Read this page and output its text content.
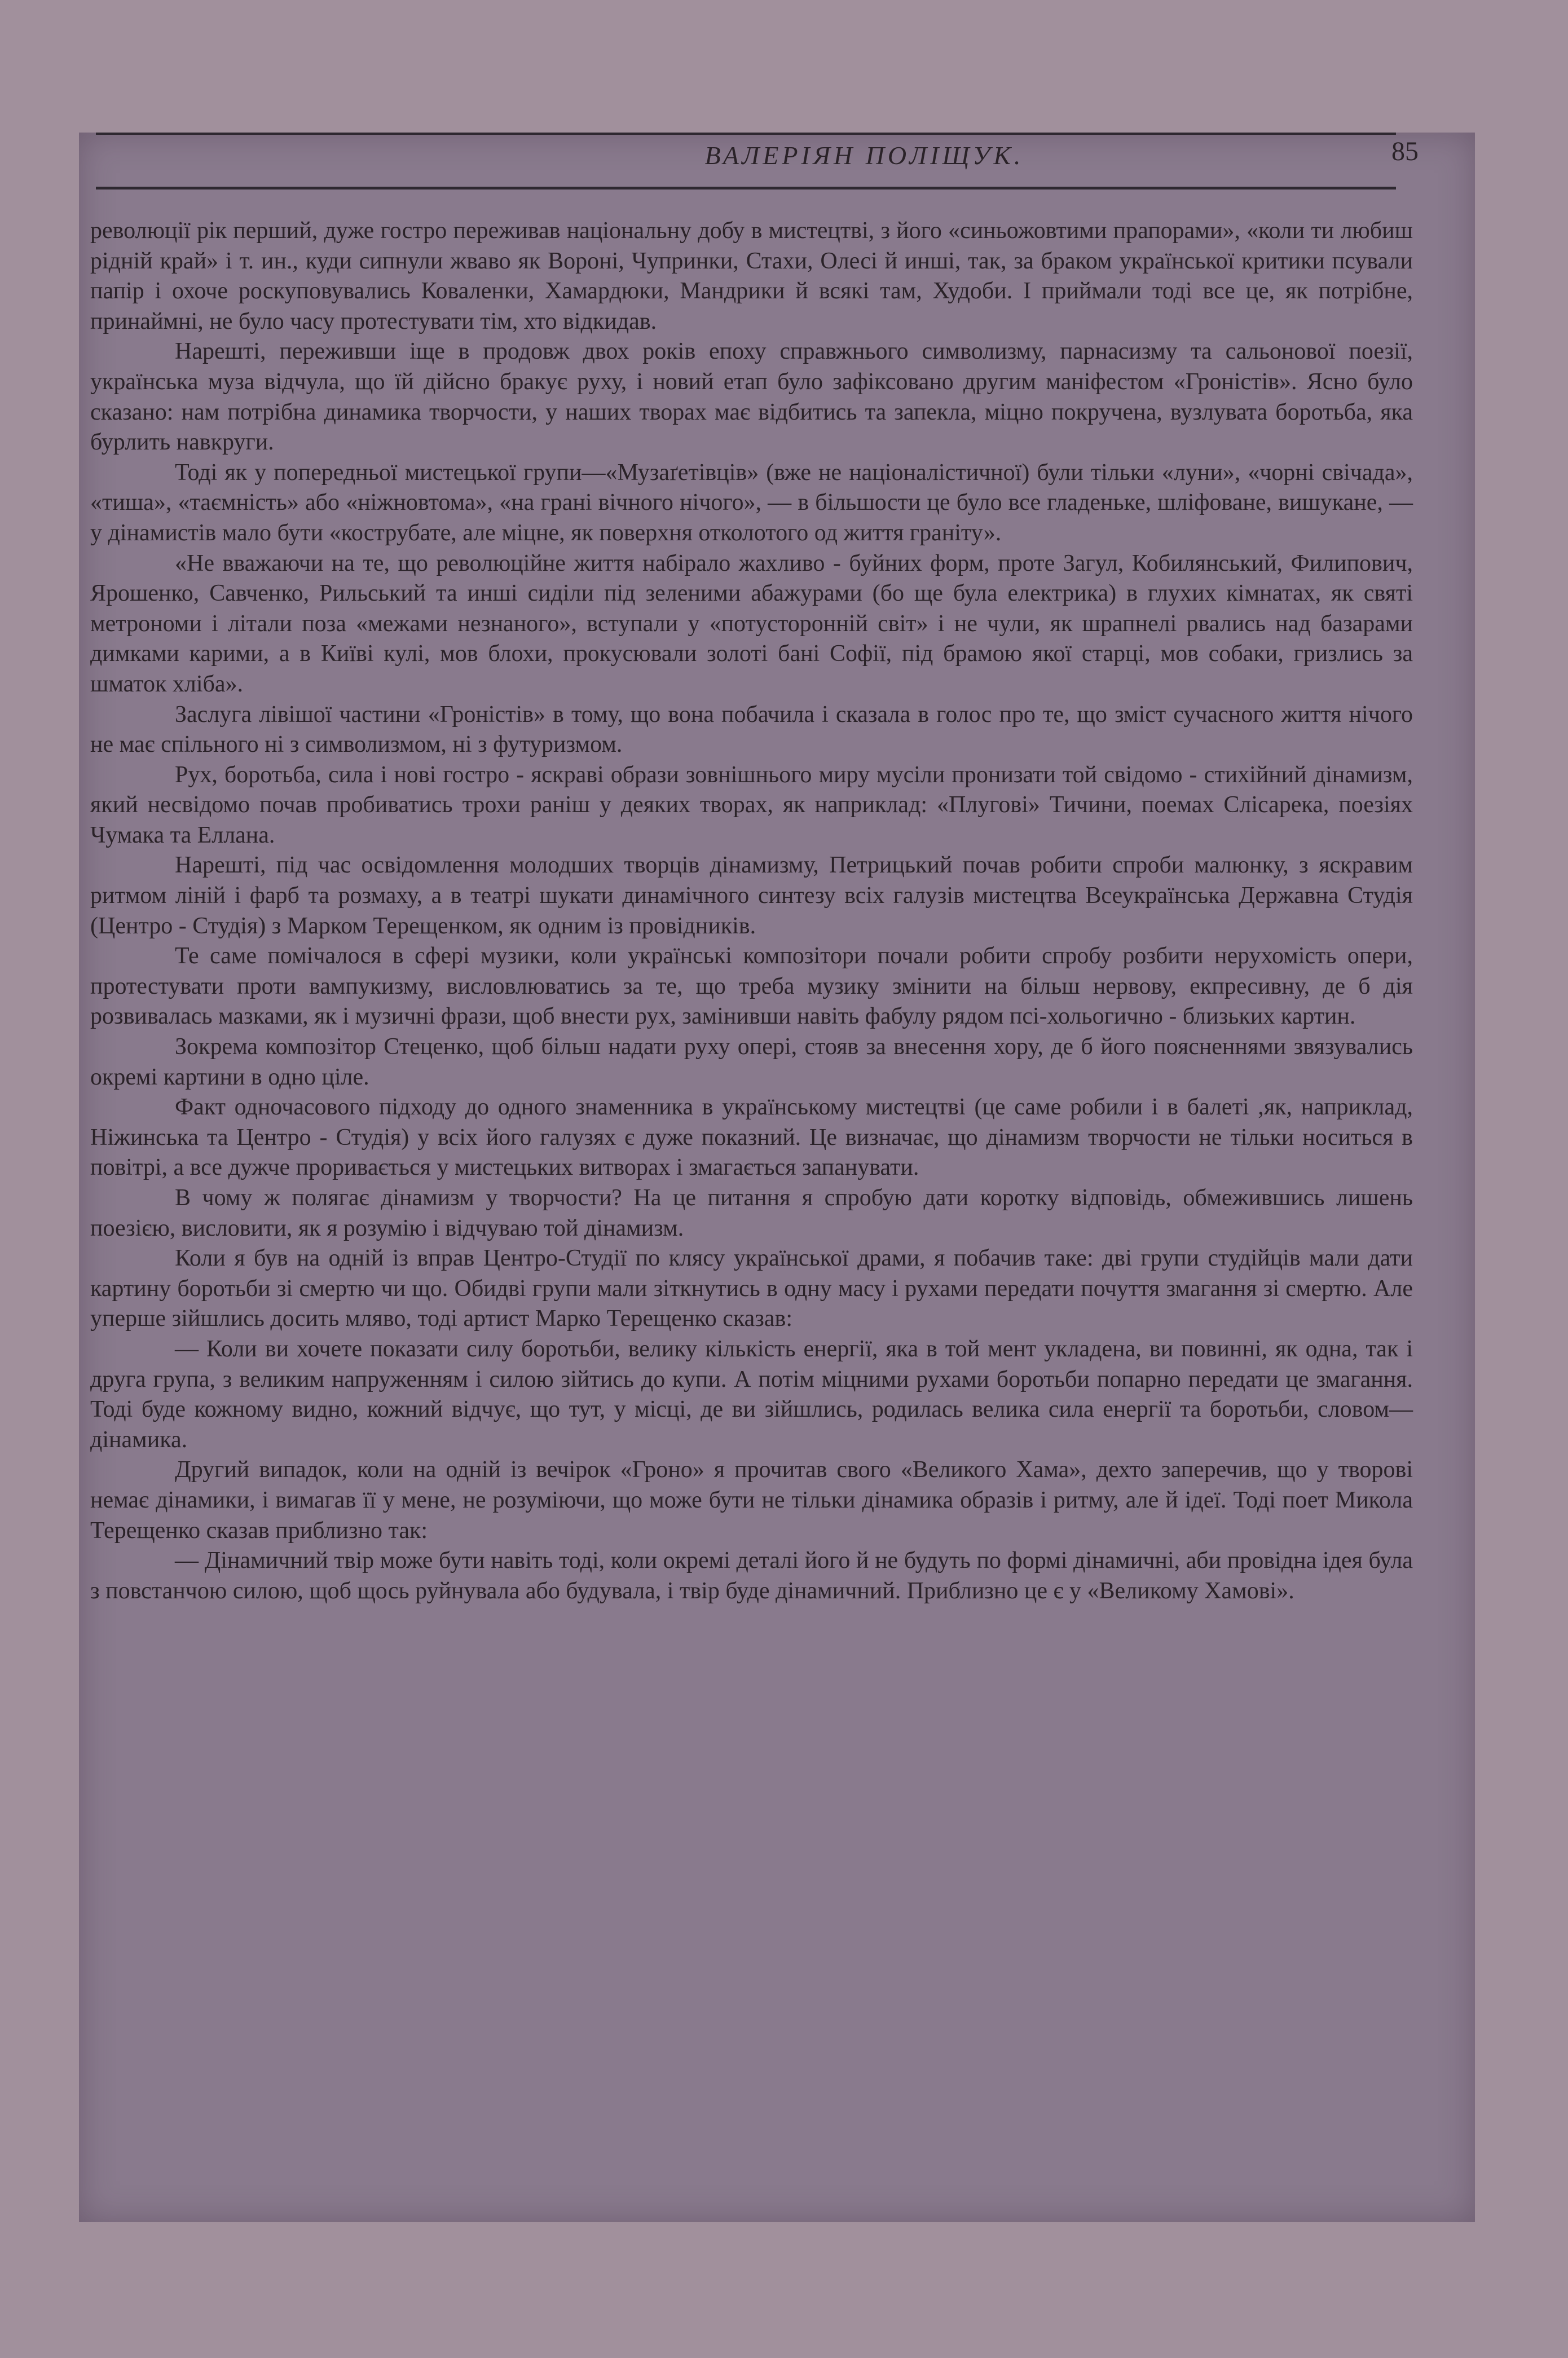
ВАЛЕРІЯН ПОЛІЩУК.	85

революції рік перший, дуже гостро переживав національну добу в мистецтві, з його «синьожовтими прапорами», «коли ти любиш рідній край» і т. ин., куди сипнули жваво як Вороні, Чупринки, Стахи, Олесі й инші, так, за браком української критики псували папір і охоче роскуповувались Коваленки, Хамардюки, Мандрики й всякі там, Худоби. І приймали тоді все це, як потрібне, принаймні, не було часу протестувати тім, хто відкидав.

Нарешті, переживши іще в продовж двох років епоху справжнього символизму, парнасизму та сальонової поезії, українська муза відчула, що їй дійсно бракує руху, і новий етап було зафіксовано другим маніфестом «Гроністів». Ясно було сказано: нам потрібна динамика творчости, у наших творах має відбитись та запекла, міцно покручена, вузлувата боротьба, яка бурлить навкруги.

Тоді як у попередньої мистецької групи—«Музаґетівців» (вже не націоналістичної) були тільки «луни», «чорні свічада», «тиша», «таємність» або «ніжновтома», «на грані вічного нічого», — в більшости це було все гладеньке, шліфоване, вишукане, — у дінамистів мало бути «кострубате, але міцне, як поверхня отколотого од життя граніту».

«Не вважаючи на те, що революційне життя набірало жахливо - буйних форм, проте Загул, Кобилянський, Филипович, Ярошенко, Савченко, Рильський та инші сиділи під зеленими абажурами (бо ще була електрика) в глухих кімнатах, як святі метрономи і літали поза «межами незнаного», вступали у «потусторонній світ» і не чули, як шрапнелі рвались над базарами димками карими, а в Київі кулі, мов блохи, прокусювали золоті бані Софії, під брамою якої старці, мов собаки, гризлись за шматок хліба».

Заслуга лівішої частини «Гроністів» в тому, що вона побачила і сказала в голос про те, що зміст сучасного життя нічого не має спільного ні з символизмом, ні з футуризмом.

Рух, боротьба, сила і нові гостро - яскраві образи зовнішнього миру мусіли пронизати той свідомо - стихійний дінамизм, який несвідомо почав пробиватись трохи раніш у деяких творах, як наприклад: «Плугові» Тичини, поемах Слісарека, поезіях Чумака та Еллана.

Нарешті, під час освідомлення молодших творців дінамизму, Петрицький почав робити спроби малюнку, з яскравим ритмом ліній і фарб та розмаху, а в театрі шукати динамічного синтезу всіх галузів мистецтва Всеукраїнська Державна Студія (Центро - Студія) з Марком Терещенком, як одним із провідників.

Те саме помічалося в сфері музики, коли українські композітори почали робити спробу розбити нерухомість опери, протестувати проти вампукизму, висловлюватись за те, що треба музику змінити на більш нервову, екпресивну, де б дія розвивалась мазками, як і музичні фрази, щоб внести рух, замінивши навіть фабулу рядом псі-хольогично - близьких картин.

Зокрема композітор Стеценко, щоб більш надати руху опері, стояв за внесення хору, де б його поясненнями звязувались окремі картини в одно ціле.

Факт одночасового підходу до одного знаменника в українському мистецтві (це саме робили і в балеті ,як, наприклад, Ніжинська та Центро - Студія) у всіх його галузях є дуже показний. Це визначає, що дінамизм творчости не тільки носиться в повітрі, а все дужче проривається у мистецьких витворах і змагається запанувати.

В чому ж полягає дінамизм у творчости? На це питання я спробую дати коротку відповідь, обмежившись лишень поезією, висловити, як я розумію і відчуваю той дінамизм.

Коли я був на одній із вправ Центро-Студії по клясу української драми, я побачив таке: дві групи студійців мали дати картину боротьби зі смертю чи що. Обидві групи мали зіткнутись в одну масу і рухами передати почуття змагання зі смертю. Але уперше зійшлись досить мляво, тоді артист Марко Терещенко сказав:

— Коли ви хочете показати силу боротьби, велику кількість енергії, яка в той мент укладена, ви повинні, як одна, так і друга група, з великим напруженням і силою зійтись до купи. А потім міцними рухами боротьби попарно передати це змагання. Тоді буде кожному видно, кожний відчує, що тут, у місці, де ви зійшлись, родилась велика сила енергії та боротьби, словом—дінамика.

Другий випадок, коли на одній із вечірок «Гроно» я прочитав свого «Великого Хама», дехто заперечив, що у творові немає дінамики, і вимагав її у мене, не розуміючи, що може бути не тільки дінамика образів і ритму, але й ідеї. Тоді поет Микола Терещенко сказав приблизно так:

— Дінамичний твір може бути навіть тоді, коли окремі деталі його й не будуть по формі дінамичні, аби провідна ідея була з повстанчою силою, щоб щось руйнувала або будувала, і твір буде дінамичний. Приблизно це є у «Великому Хамові».
